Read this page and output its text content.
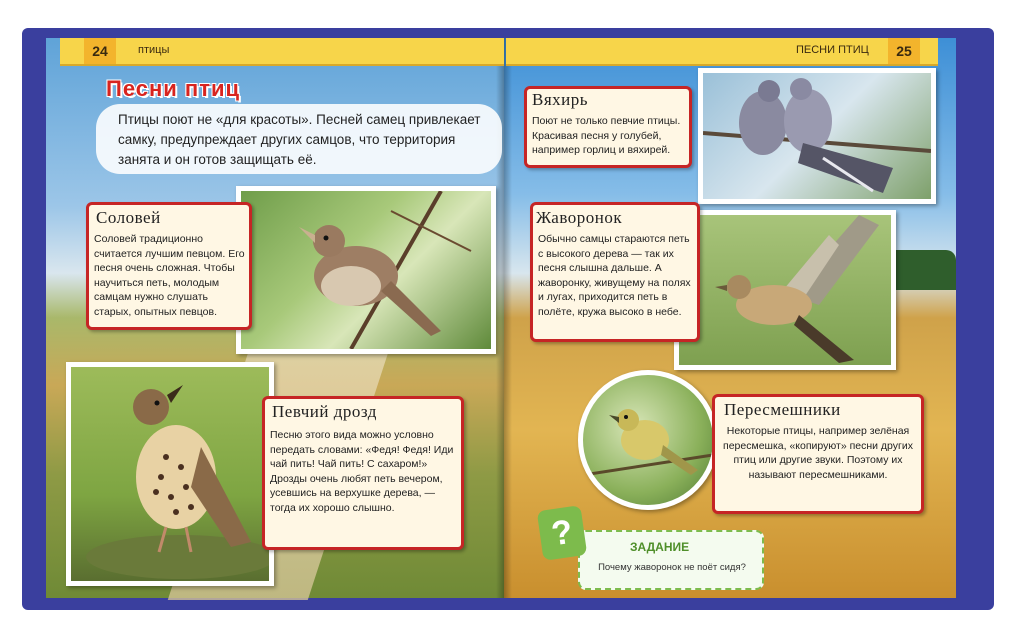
24	птицы	ПЕСНИ ПТИЦ	25
Песни птиц
Птицы поют не «для красоты». Песней самец привлекает самку, предупреждает других самцов, что территория занята и он готов защищать её.
Соловей
Соловей традиционно считается лучшим певцом. Его песня очень сложная. Чтобы научиться петь, молодым самцам нужно слушать старых, опытных певцов.
Певчий дрозд
Песню этого вида можно условно передать словами: «Федя! Федя! Иди чай пить! Чай пить! С сахаром!» Дрозды очень любят петь вечером, усевшись на верхушке дерева, — тогда их хорошо слышно.
Вяхирь
Поют не только певчие птицы. Красивая песня у голубей, например горлиц и вяхирей.
Жаворонок
Обычно самцы стараются петь с высокого дерева — так их песня слышна дальше. А жаворонку, живущему на полях и лугах, приходится петь в полёте, кружа высоко в небе.
Пересмешники
Некоторые птицы, например зелёная пересмешка, «копируют» песни других птиц или другие звуки. Поэтому их называют пересмешниками.
?	ЗАДАНИЕ
Почему жаворонок не поёт сидя?
